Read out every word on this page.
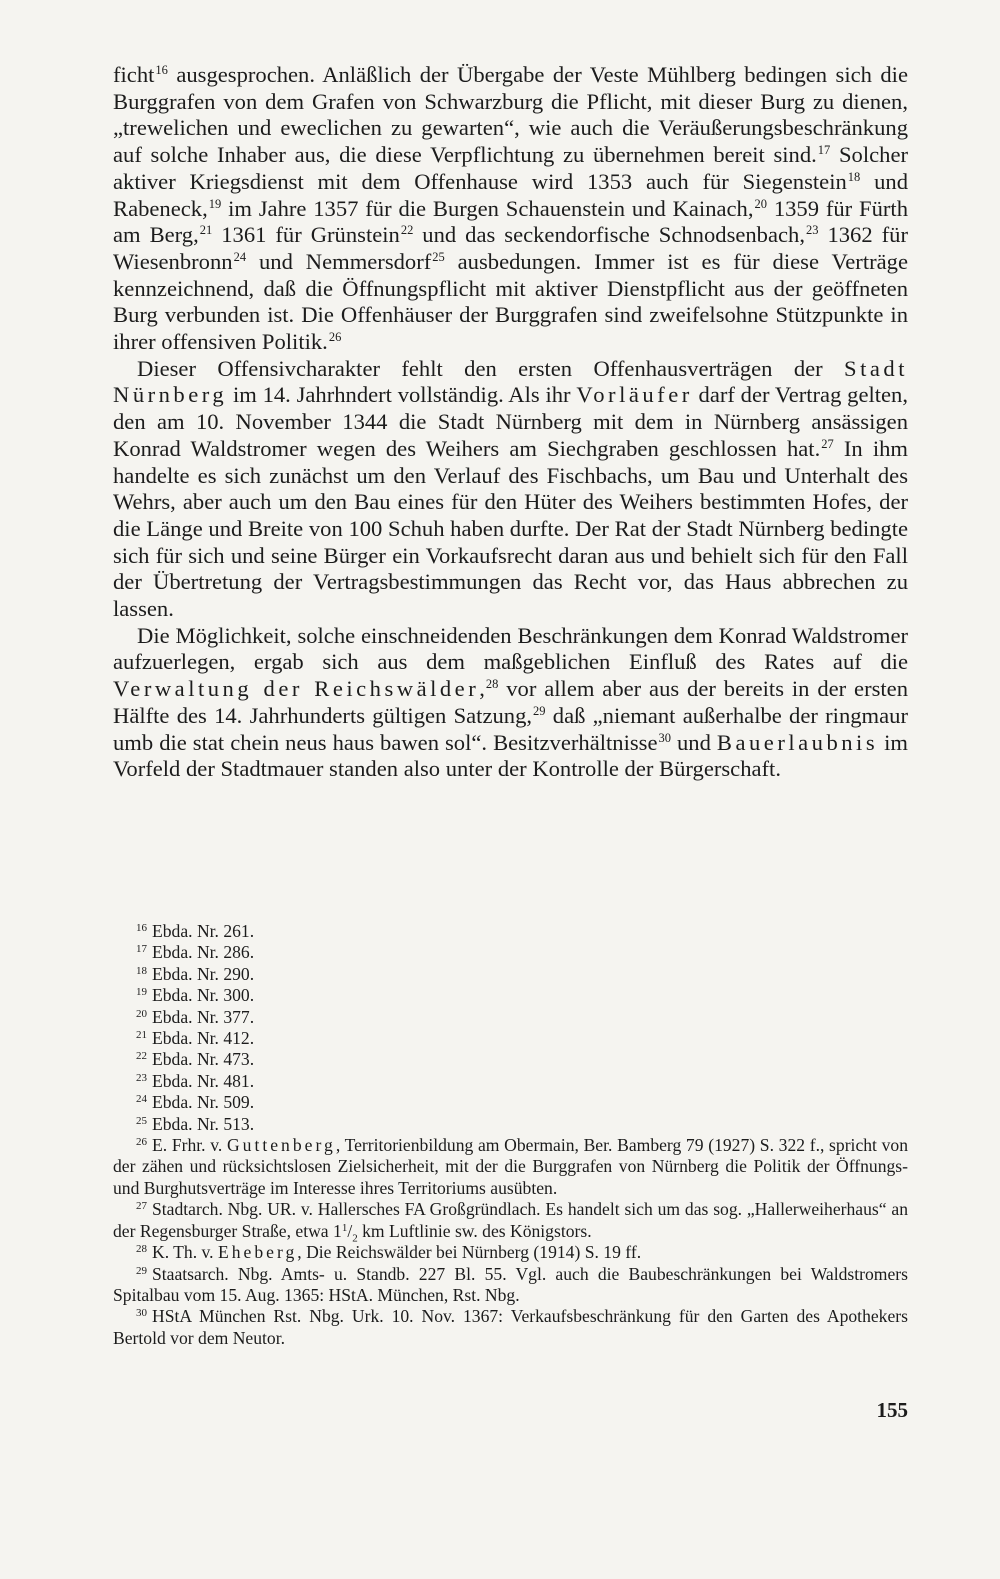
ficht$^{16}$ ausgesprochen. Anläßlich der Übergabe der Veste Mühlberg bedingen sich die Burggrafen von dem Grafen von Schwarzburg die Pflicht, mit dieser Burg zu dienen, „trewelichen und eweclichen zu gewarten“, wie auch die Veräußerungsbeschränkung auf solche Inhaber aus, die diese Verpflichtung zu übernehmen bereit sind.$^{17}$ Solcher aktiver Kriegsdienst mit dem Offenhause wird 1353 auch für Siegenstein$^{18}$ und Rabeneck,$^{19}$ im Jahre 1357 für die Burgen Schauenstein und Kainach,$^{20}$ 1359 für Fürth am Berg,$^{21}$ 1361 für Grünstein$^{22}$ und das seckendorfische Schnodsenbach,$^{23}$ 1362 für Wiesenbronn$^{24}$ und Nemmersdorf$^{25}$ ausbedungen. Immer ist es für diese Verträge kennzeichnend, daß die Öffnungspflicht mit aktiver Dienstpflicht aus der geöffneten Burg verbunden ist. Die Offenhäuser der Burggrafen sind zweifelsohne Stützpunkte in ihrer offensiven Politik.$^{26}$

Dieser Offensivcharakter fehlt den ersten Offenhausverträgen der Stadt Nürnberg im 14. Jahrhndert vollständig. Als ihr Vorläufer darf der Vertrag gelten, den am 10. November 1344 die Stadt Nürnberg mit dem in Nürnberg ansässigen Konrad Waldstromer wegen des Weihers am Siechgraben geschlossen hat.$^{27}$ In ihm handelte es sich zunächst um den Verlauf des Fischbachs, um Bau und Unterhalt des Wehrs, aber auch um den Bau eines für den Hüter des Weihers bestimmten Hofes, der die Länge und Breite von 100 Schuh haben durfte. Der Rat der Stadt Nürnberg bedingte sich für sich und seine Bürger ein Vorkaufsrecht daran aus und behielt sich für den Fall der Übertretung der Vertragsbestimmungen das Recht vor, das Haus abbrechen zu lassen.

Die Möglichkeit, solche einschneidenden Beschränkungen dem Konrad Waldstromer aufzuerlegen, ergab sich aus dem maßgeblichen Einfluß des Rates auf die Verwaltung der Reichswälder,$^{28}$ vor allem aber aus der bereits in der ersten Hälfte des 14. Jahrhunderts gültigen Satzung,$^{29}$ daß „niemant außerhalbe der ringmaur umb die stat chein neus haus bawen sol“. Besitzverhältnisse$^{30}$ und Bauerlaubnis im Vorfeld der Stadtmauer standen also unter der Kontrolle der Bürgerschaft.

$^{16}$ Ebda. Nr. 261.

$^{17}$ Ebda. Nr. 286.

$^{18}$ Ebda. Nr. 290.

$^{19}$ Ebda. Nr. 300.

$^{20}$ Ebda. Nr. 377.

$^{21}$ Ebda. Nr. 412.

$^{22}$ Ebda. Nr. 473.

$^{23}$ Ebda. Nr. 481.

$^{24}$ Ebda. Nr. 509.

$^{25}$ Ebda. Nr. 513.

$^{26}$ E. Frhr. v. Guttenberg, Territorienbildung am Obermain, Ber. Bamberg 79 (1927) S. 322 f., spricht von der zähen und rücksichtslosen Zielsicherheit, mit der die Burggrafen von Nürnberg die Politik der Öffnungs- und Burghutsverträge im Interesse ihres Territoriums ausübten.

$^{27}$ Stadtarch. Nbg. UR. v. Hallersches FA Großgründlach. Es handelt sich um das sog. „Hallerweiherhaus“ an der Regensburger Straße, etwa $1^1/_2$ km Luftlinie sw. des Königstors.

$^{28}$ K. Th. v. Eheberg, Die Reichswälder bei Nürnberg (1914) S. 19 ff.

$^{29}$ Staatsarch. Nbg. Amts- u. Standb. 227 Bl. 55. Vgl. auch die Baubeschränkungen bei Waldstromers Spitalbau vom 15. Aug. 1365: HStA. München, Rst. Nbg.

$^{30}$ HStA München Rst. Nbg. Urk. 10. Nov. 1367: Verkaufsbeschränkung für den Garten des Apothekers Bertold vor dem Neutor.

155
